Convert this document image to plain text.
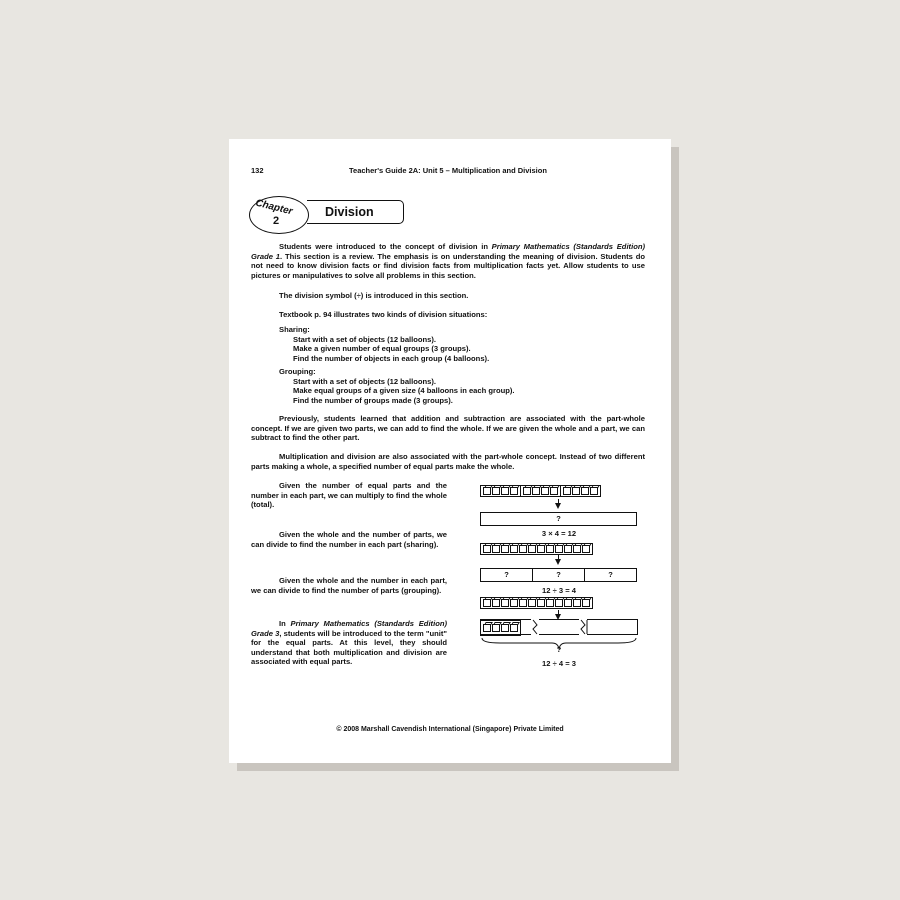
132	Teacher's Guide 2A: Unit 5 – Multiplication and Division
Chapter
2
Division
Students were introduced to the concept of division in Primary Mathematics (Standards Edition) Grade 1. This section is a review. The emphasis is on understanding the meaning of division. Students do not need to know division facts or find division facts from multiplication facts yet. Allow students to use pictures or manipulatives to solve all problems in this section.
The division symbol (÷) is introduced in this section.
Textbook p. 94 illustrates two kinds of division situations:
Sharing:
Start with a set of objects (12 balloons).
Make a given number of equal groups (3 groups).
Find the number of objects in each group (4 balloons).
Grouping:
Start with a set of objects (12 balloons).
Make equal groups of a given size (4 balloons in each group).
Find the number of groups made (3 groups).
Previously, students learned that addition and subtraction are associated with the part-whole concept. If we are given two parts, we can add to find the whole. If we are given the whole and a part, we can subtract to find the other part.
Multiplication and division are also associated with the part-whole concept. Instead of two different parts making a whole, a specified number of equal parts make the whole.
Given the number of equal parts and the number in each part, we can multiply to find the whole (total).
Given the whole and the number of parts, we can divide to find the number in each part (sharing).
Given the whole and the number in each part, we can divide to find the number of parts (grouping).
In Primary Mathematics (Standards Edition) Grade 3, students will be introduced to the term "unit" for the equal parts. At this level, they should understand that both multiplication and division are associated with equal parts.
?
3 × 4 = 12
?	?	?
12 ÷ 3 = 4
?
12 ÷ 4 = 3
© 2008 Marshall Cavendish International (Singapore) Private Limited
